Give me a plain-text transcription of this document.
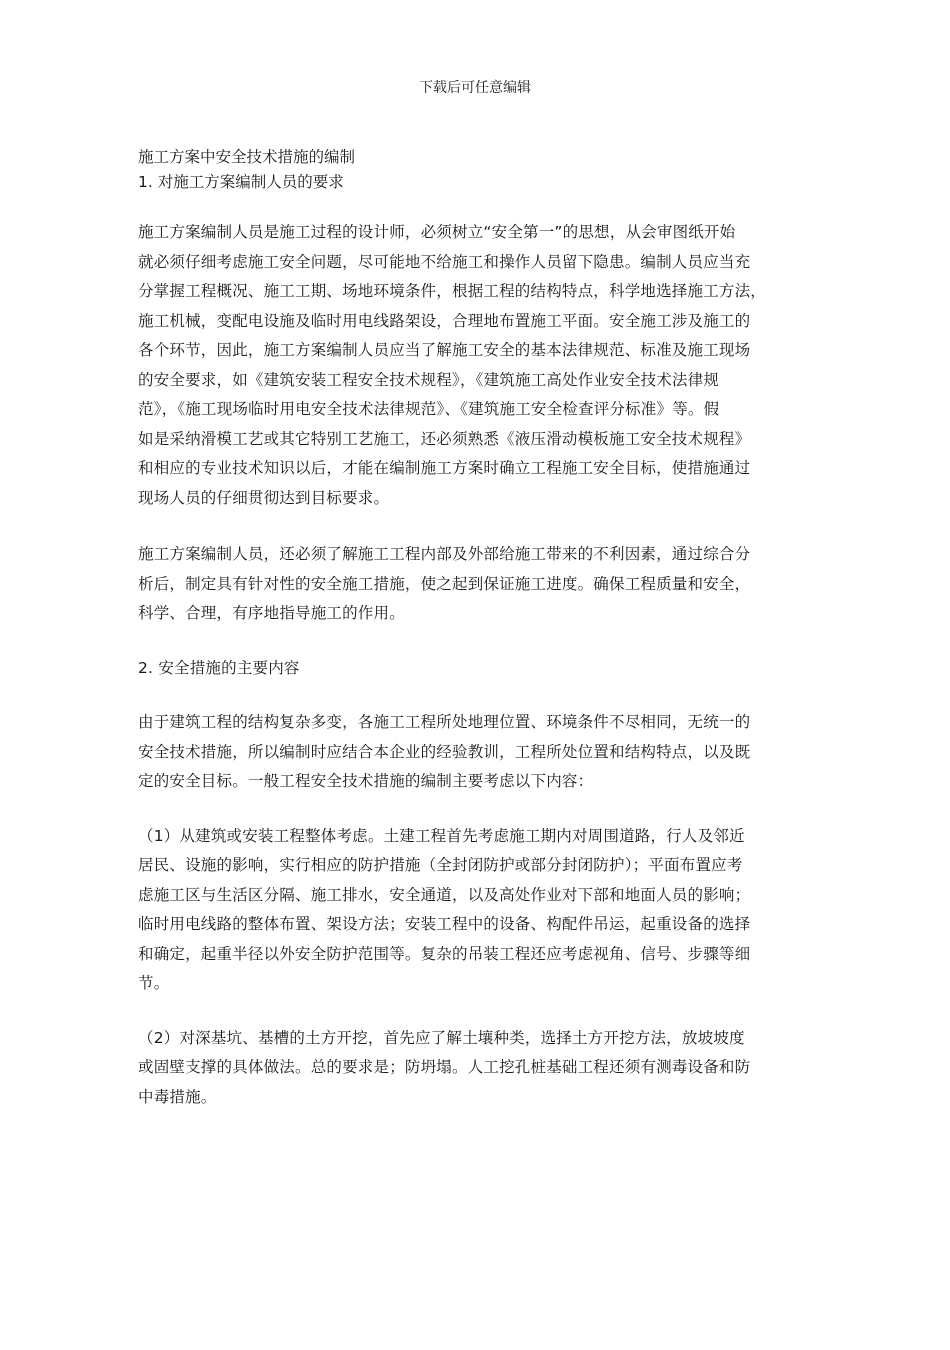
下载后可任意编辑
施工方案中安全技术措施的编制
1. 对施工方案编制人员的要求
施工方案编制人员是施工过程的设计师，必须树立“安全第一”的思想，从会审图纸开始
就必须仔细考虑施工安全问题，尽可能地不给施工和操作人员留下隐患。编制人员应当充
分掌握工程概况、施工工期、场地环境条件，根据工程的结构特点，科学地选择施工方法，
施工机械，变配电设施及临时用电线路架设，合理地布置施工平面。安全施工涉及施工的
各个环节，因此，施工方案编制人员应当了解施工安全的基本法律规范、标准及施工现场
的安全要求，如《建筑安装工程安全技术规程》，《建筑施工高处作业安全技术法律规
范》，《施工现场临时用电安全技术法律规范》、《建筑施工安全检查评分标准》等。假
如是采纳滑模工艺或其它特别工艺施工，还必须熟悉《液压滑动模板施工安全技术规程》
和相应的专业技术知识以后，才能在编制施工方案时确立工程施工安全目标，使措施通过
现场人员的仔细贯彻达到目标要求。
施工方案编制人员，还必须了解施工工程内部及外部给施工带来的不利因素，通过综合分
析后，制定具有针对性的安全施工措施，使之起到保证施工进度。确保工程质量和安全，
科学、合理，有序地指导施工的作用。
2. 安全措施的主要内容
由于建筑工程的结构复杂多变，各施工工程所处地理位置、环境条件不尽相同，无统一的
安全技术措施，所以编制时应结合本企业的经验教训，工程所处位置和结构特点，以及既
定的安全目标。一般工程安全技术措施的编制主要考虑以下内容：
（1）从建筑或安装工程整体考虑。土建工程首先考虑施工期内对周围道路，行人及邻近
居民、设施的影响，实行相应的防护措施（全封闭防护或部分封闭防护）；平面布置应考
虑施工区与生活区分隔、施工排水，安全通道，以及高处作业对下部和地面人员的影响；
临时用电线路的整体布置、架设方法；安装工程中的设备、构配件吊运，起重设备的选择
和确定，起重半径以外安全防护范围等。复杂的吊装工程还应考虑视角、信号、步骤等细
节。
（2）对深基坑、基槽的土方开挖，首先应了解土壤种类，选择土方开挖方法，放坡坡度
或固壁支撑的具体做法。总的要求是；防坍塌。人工挖孔桩基础工程还须有测毒设备和防
中毒措施。
